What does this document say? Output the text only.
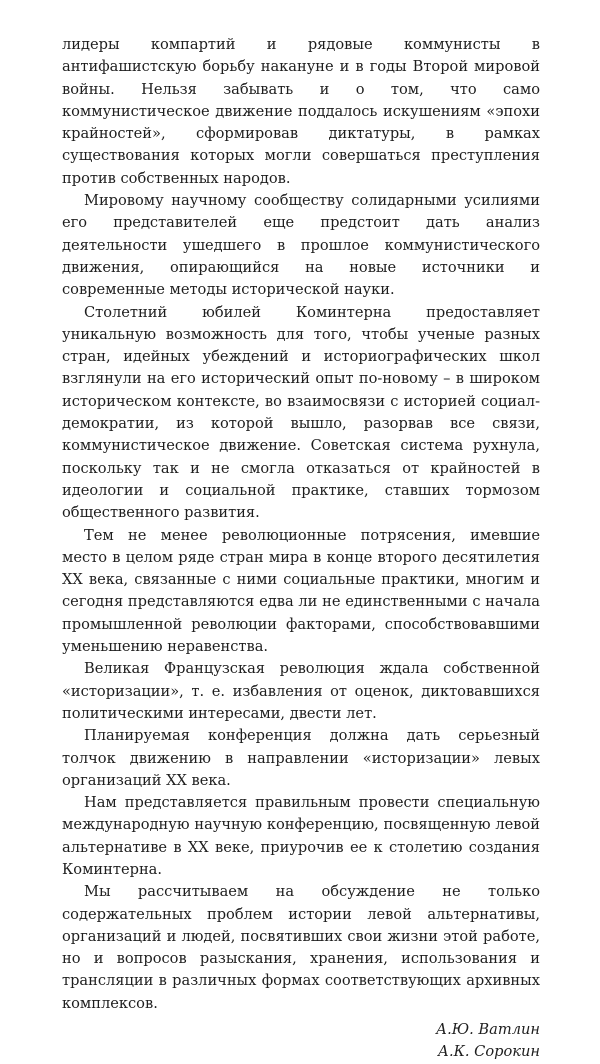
лидеры компартий и рядовые коммунисты в антифашистскую борьбу накануне и в годы Второй мировой войны. Нельзя забывать и о том, что само коммунистическое движение поддалось искушениям «эпохи крайностей», сформировав диктатуры, в рамках существования которых могли совершаться преступления против собственных народов.

Мировому научному сообществу солидарными усилиями его представителей еще предстоит дать анализ деятельности ушедшего в прошлое коммунистического движения, опирающийся на новые источники и современные методы исторической науки.

Столетний юбилей Коминтерна предоставляет уникальную возможность для того, чтобы ученые разных стран, идейных убеждений и историографических школ взглянули на его исторический опыт по-новому – в широком историческом контексте, во взаимосвязи с историей социал-демократии, из которой вышло, разорвав все связи, коммунистическое движение. Советская система рухнула, поскольку так и не смогла отказаться от крайностей в идеологии и социальной практике, ставших тормозом общественного развития.

Тем не менее революционные потрясения, имевшие место в целом ряде стран мира в конце второго десятилетия XX века, связанные с ними социальные практики, многим и сегодня представляются едва ли не единственными с начала промышленной революции факторами, способствовавшими уменьшению неравенства.

Великая Французская революция ждала собственной «историзации», т. е. избавления от оценок, диктовавшихся политическими интересами, двести лет.

Планируемая конференция должна дать серьезный толчок движению в направлении «историзации» левых организаций XX века.

Нам представляется правильным провести специальную международную научную конференцию, посвященную левой альтернативе в XX веке, приурочив ее к столетию создания Коминтерна.

Мы рассчитываем на обсуждение не только содержательных проблем истории левой альтернативы, организаций и людей, посвятивших свои жизни этой работе, но и вопросов разыскания, хранения, использования и трансляции в различных формах соответствующих архивных комплексов.

А.Ю. Ватлин
А.К. Сорокин
